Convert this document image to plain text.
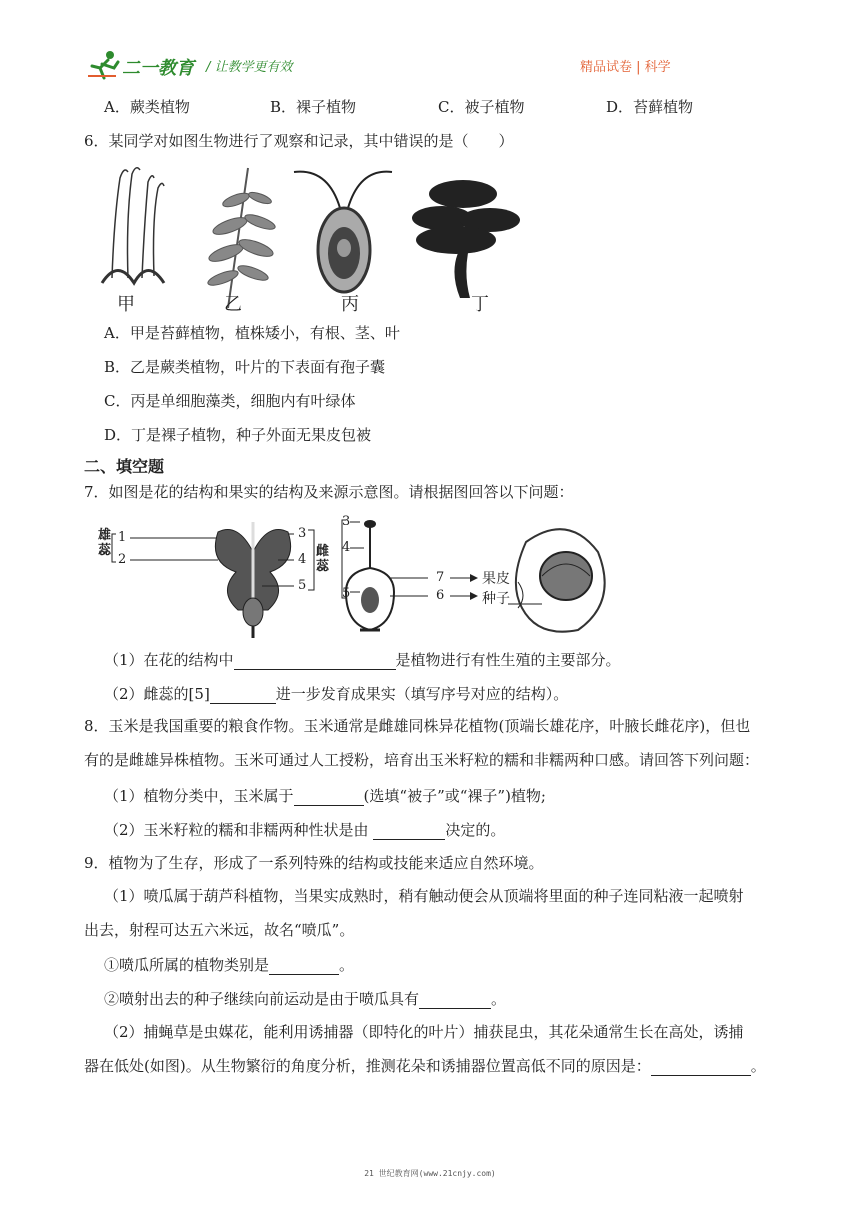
二一教育 / 让教学更有效	精品试卷 | 科学
A．蕨类植物	B．裸子植物	C．被子植物	D．苔藓植物
6．某同学对如图生物进行了观察和记录，其中错误的是（　　）
甲	乙	丙	丁
A．甲是苔藓植物，植株矮小，有根、茎、叶
B．乙是蕨类植物，叶片的下表面有孢子囊
C．丙是单细胞藻类，细胞内有叶绿体
D．丁是裸子植物，种子外面无果皮包被
二、填空题
7．如图是花的结构和果实的结构及来源示意图。请根据图回答以下问题：
雄蕊
1
2
3
4
5
雌蕊
3
4
5
7
6
果皮
种子
（1）在花的结构中	是植物进行有性生殖的主要部分。
（2）雌蕊的[5]	进一步发育成果实（填写序号对应的结构）。
8．玉米是我国重要的粮食作物。玉米通常是雌雄同株异花植物(顶端长雄花序，叶腋长雌花序)，但也
有的是雌雄异株植物。玉米可通过人工授粉，培育出玉米籽粒的糯和非糯两种口感。请回答下列问题：
（1）植物分类中，玉米属于	(选填“被子”或“裸子”)植物;
（2）玉米籽粒的糯和非糯两种性状是由	决定的。
9．植物为了生存，形成了一系列特殊的结构或技能来适应自然环境。
（1）喷瓜属于葫芦科植物，当果实成熟时，稍有触动便会从顶端将里面的种子连同粘液一起喷射
出去，射程可达五六米远，故名“喷瓜”。
①喷瓜所属的植物类别是	。
②喷射出去的种子继续向前运动是由于喷瓜具有	。
（2）捕蝇草是虫媒花，能利用诱捕器（即特化的叶片）捕获昆虫，其花朵通常生长在高处，诱捕
器在低处(如图)。从生物繁衍的角度分析，推测花朵和诱捕器位置高低不同的原因是：	。
21 世纪教育网(www.21cnjy.com)
